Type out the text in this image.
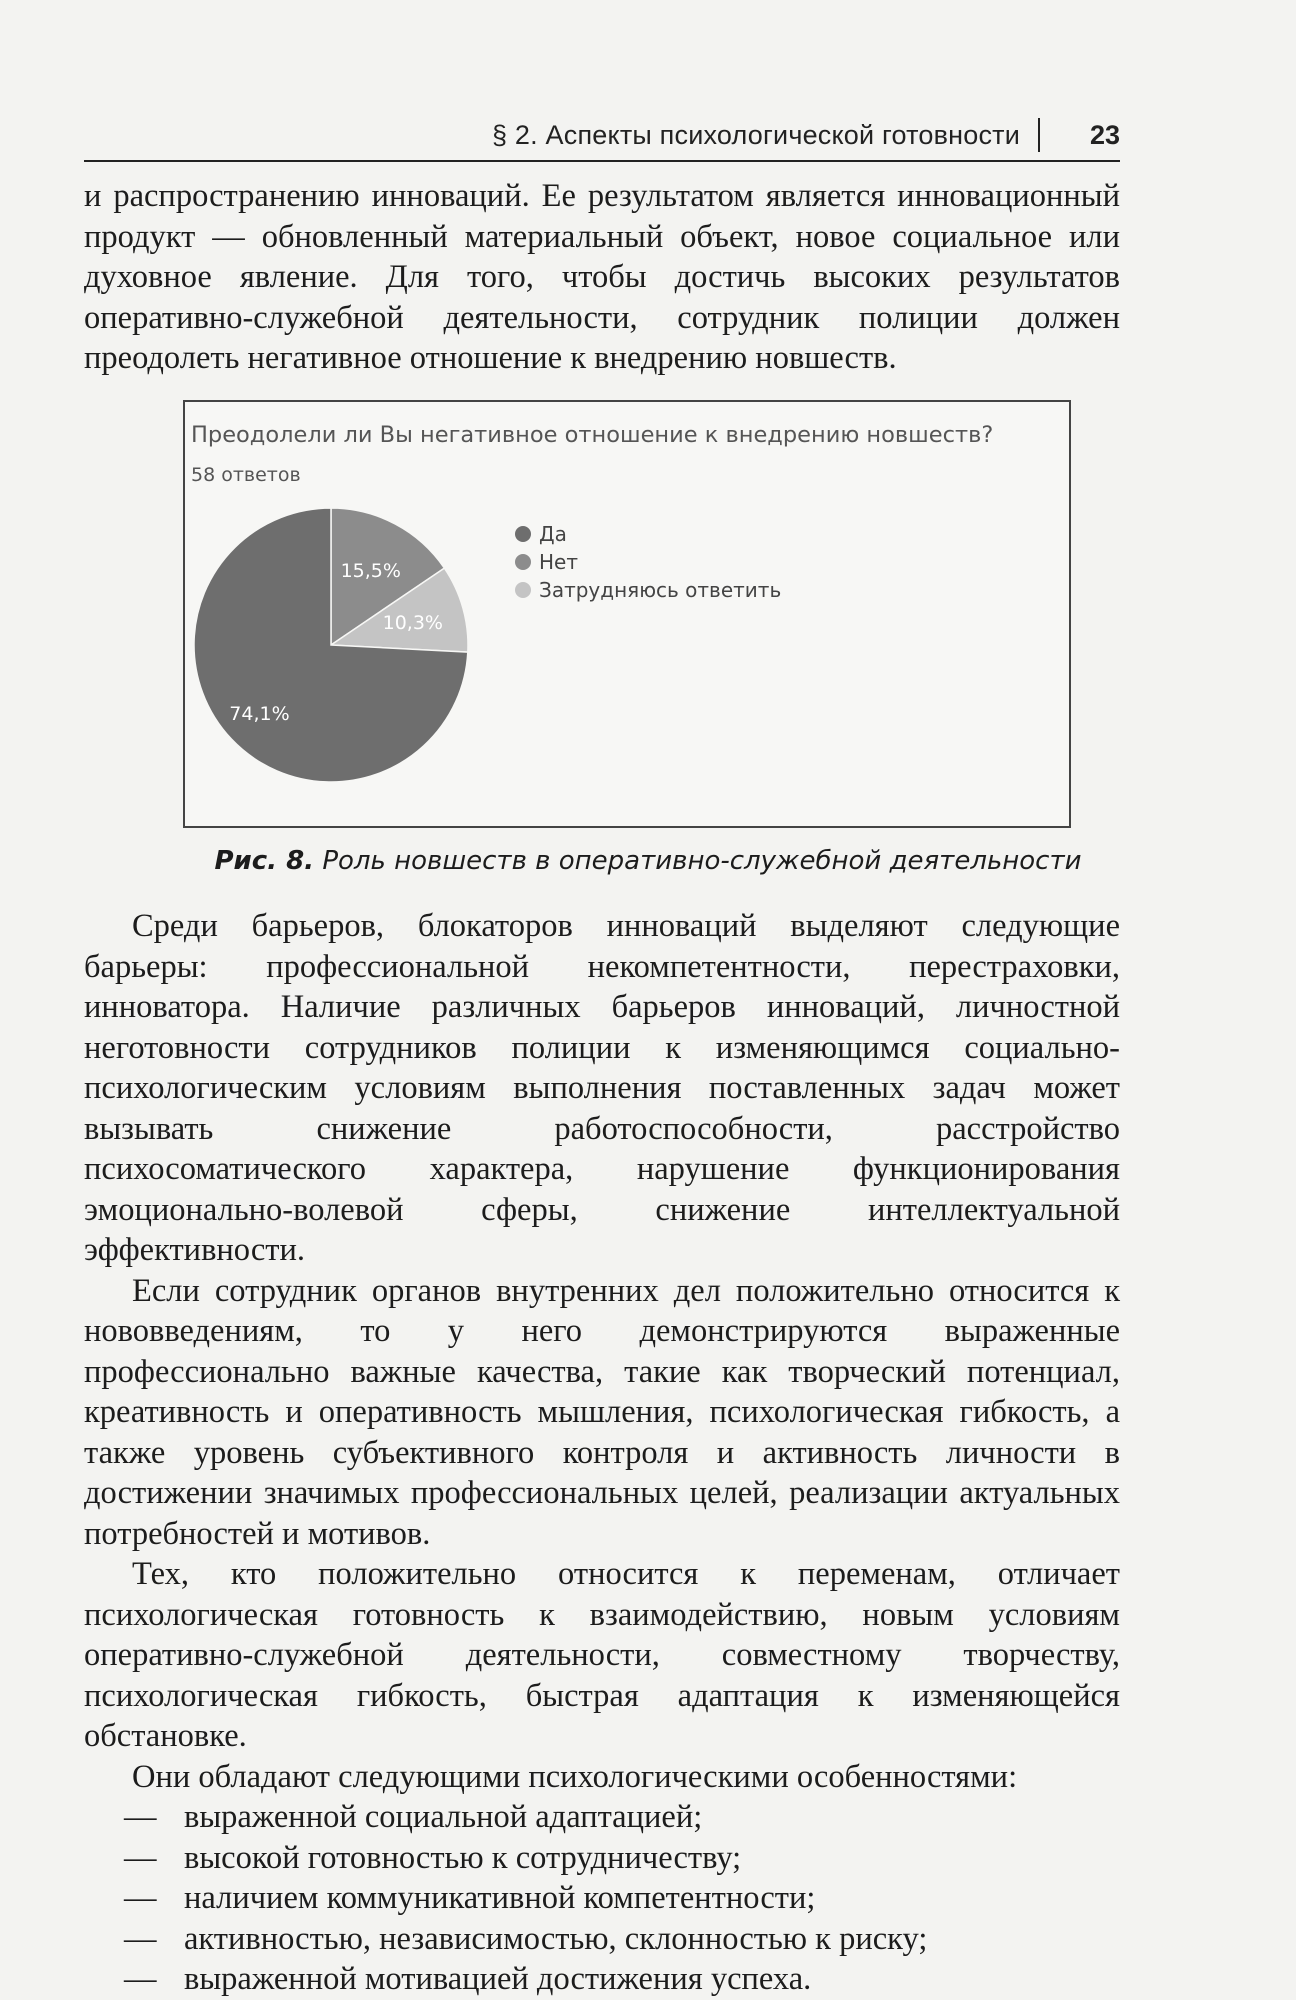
§ 2. Аспекты психологической готовности	23

и распространению инноваций. Ее результатом является инновационный продукт — обновленный материальный объект, новое социальное или духовное явление. Для того, чтобы достичь высоких результатов оперативно-служебной деятельности, сотрудник полиции должен преодолеть негативное отношение к внедрению новшеств.

Преодолели ли Вы негативное отношение к внедрению новшеств?
58 ответов
15,5%
10,3%
74,1%
Да
Нет
Затрудняюсь ответить
Рис. 8. Роль новшеств в оперативно-служебной деятельности

Среди барьеров, блокаторов инноваций выделяют следующие барьеры: профессиональной некомпетентности, перестраховки, инноватора. Наличие различных барьеров инноваций, личностной неготовности сотрудников полиции к изменяющимся социально-психологическим условиям выполнения поставленных задач может вызывать снижение работоспособности, расстройство психосоматического характера, нарушение функционирования эмоционально-волевой сферы, снижение интеллектуальной эффективности.

Если сотрудник органов внутренних дел положительно относится к нововведениям, то у него демонстрируются выраженные профессионально важные качества, такие как творческий потенциал, креативность и оперативность мышления, психологическая гибкость, а также уровень субъективного контроля и активность личности в достижении значимых профессиональных целей, реализации актуальных потребностей и мотивов.

Тех, кто положительно относится к переменам, отличает психологическая готовность к взаимодействию, новым условиям оперативно-служебной деятельности, совместному творчеству, психологическая гибкость, быстрая адаптация к изменяющейся обстановке.

Они обладают следующими психологическими особенностями:

— выраженной социальной адаптацией;
— высокой готовностью к сотрудничеству;
— наличием коммуникативной компетентности;
— активностью, независимостью, склонностью к риску;
— выраженной мотивацией достижения успеха.
